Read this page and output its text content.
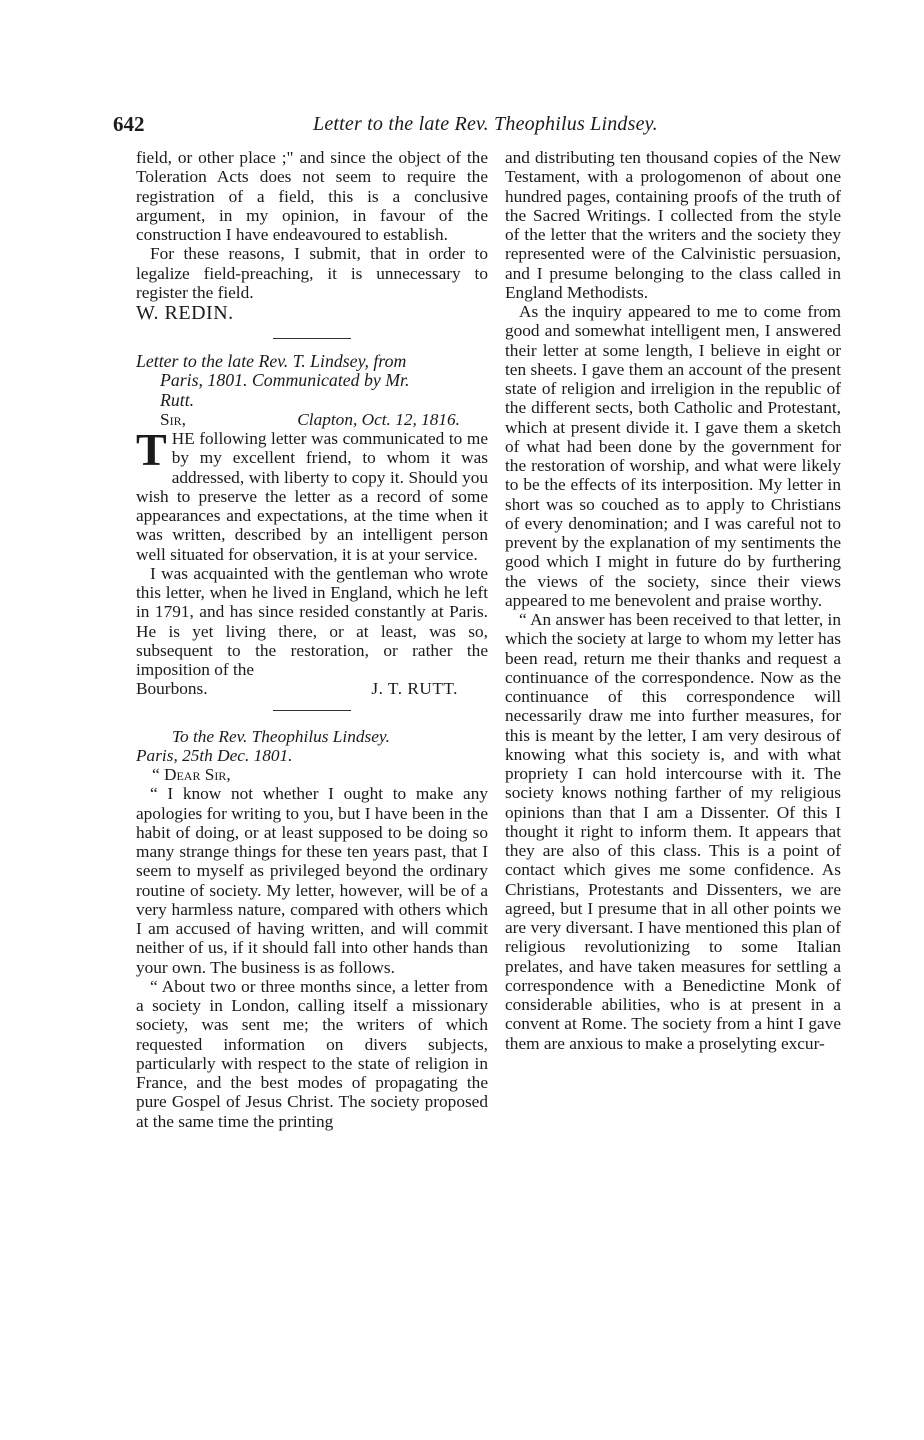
642	Letter to the late Rev. Theophilus Lindsey.

field, or other place ;" and since the object of the Toleration Acts does not seem to require the registration of a field, this is a conclusive argument, in my opinion, in favour of the construction I have endeavoured to establish.

For these reasons, I submit, that in order to legalize field-preaching, it is unnecessary to register the field.

W. REDIN.

Letter to the late Rev. T. Lindsey, from
Paris, 1801. Communicated by Mr.
Rutt.

Sir,	Clapton, Oct. 12, 1816.

THE following letter was communicated to me by my excellent friend, to whom it was addressed, with liberty to copy it. Should you wish to preserve the letter as a record of some appearances and expectations, at the time when it was written, described by an intelligent person well situated for observation, it is at your service.

I was acquainted with the gentleman who wrote this letter, when he lived in England, which he left in 1791, and has since resided constantly at Paris. He is yet living there, or at least, was so, subsequent to the restoration, or rather the imposition of the

Bourbons.	J. T. RUTT.

To the Rev. Theophilus Lindsey.

Paris, 25th Dec. 1801.

“ Dear Sir,

“ I know not whether I ought to make any apologies for writing to you, but I have been in the habit of doing, or at least supposed to be doing so many strange things for these ten years past, that I seem to myself as privileged beyond the ordinary routine of society. My letter, however, will be of a very harmless nature, compared with others which I am accused of having written, and will commit neither of us, if it should fall into other hands than your own. The business is as follows.

“ About two or three months since, a letter from a society in London, calling itself a missionary society, was sent me; the writers of which requested information on divers subjects, particularly with respect to the state of religion in France, and the best modes of propagating the pure Gospel of Jesus Christ. The society proposed at the same time the printing

and distributing ten thousand copies of the New Testament, with a prologomenon of about one hundred pages, containing proofs of the truth of the Sacred Writings. I collected from the style of the letter that the writers and the society they represented were of the Calvinistic persuasion, and I presume belonging to the class called in England Methodists.

As the inquiry appeared to me to come from good and somewhat intelligent men, I answered their letter at some length, I believe in eight or ten sheets. I gave them an account of the present state of religion and irreligion in the republic of the different sects, both Catholic and Protestant, which at present divide it. I gave them a sketch of what had been done by the government for the restoration of worship, and what were likely to be the effects of its interposition. My letter in short was so couched as to apply to Christians of every denomination; and I was careful not to prevent by the explanation of my sentiments the good which I might in future do by furthering the views of the society, since their views appeared to me benevolent and praise worthy.

“ An answer has been received to that letter, in which the society at large to whom my letter has been read, return me their thanks and request a continuance of the correspondence. Now as the continuance of this correspondence will necessarily draw me into further measures, for this is meant by the letter, I am very desirous of knowing what this society is, and with what propriety I can hold intercourse with it. The society knows nothing farther of my religious opinions than that I am a Dissenter. Of this I thought it right to inform them. It appears that they are also of this class. This is a point of contact which gives me some confidence. As Christians, Protestants and Dissenters, we are agreed, but I presume that in all other points we are very diversant. I have mentioned this plan of religious revolutionizing to some Italian prelates, and have taken measures for settling a correspondence with a Benedictine Monk of considerable abilities, who is at present in a convent at Rome. The society from a hint I gave them are anxious to make a proselyting excur-
